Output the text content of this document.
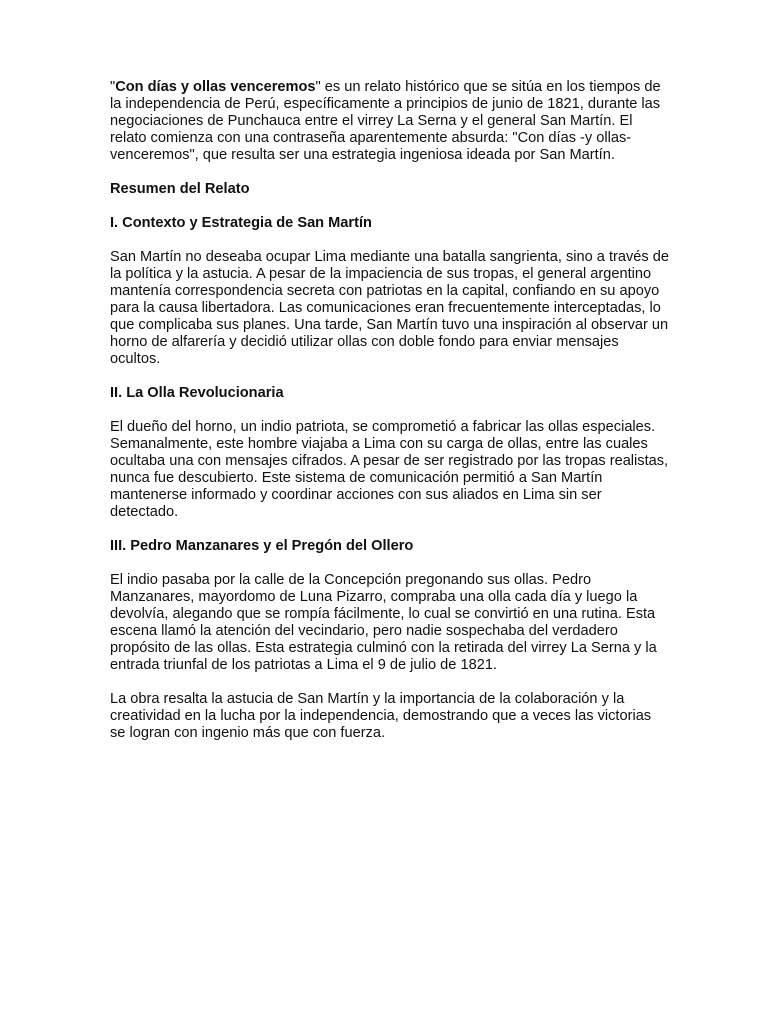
"Con días y ollas venceremos" es un relato histórico que se sitúa en los tiempos de la independencia de Perú, específicamente a principios de junio de 1821, durante las negociaciones de Punchauca entre el virrey La Serna y el general San Martín. El relato comienza con una contraseña aparentemente absurda: "Con días -y ollas- venceremos", que resulta ser una estrategia ingeniosa ideada por San Martín.

Resumen del Relato

I. Contexto y Estrategia de San Martín

San Martín no deseaba ocupar Lima mediante una batalla sangrienta, sino a través de la política y la astucia. A pesar de la impaciencia de sus tropas, el general argentino mantenía correspondencia secreta con patriotas en la capital, confiando en su apoyo para la causa libertadora. Las comunicaciones eran frecuentemente interceptadas, lo que complicaba sus planes. Una tarde, San Martín tuvo una inspiración al observar un horno de alfarería y decidió utilizar ollas con doble fondo para enviar mensajes ocultos.

II. La Olla Revolucionaria

El dueño del horno, un indio patriota, se comprometió a fabricar las ollas especiales. Semanalmente, este hombre viajaba a Lima con su carga de ollas, entre las cuales ocultaba una con mensajes cifrados. A pesar de ser registrado por las tropas realistas, nunca fue descubierto. Este sistema de comunicación permitió a San Martín mantenerse informado y coordinar acciones con sus aliados en Lima sin ser detectado.

III. Pedro Manzanares y el Pregón del Ollero

El indio pasaba por la calle de la Concepción pregonando sus ollas. Pedro Manzanares, mayordomo de Luna Pizarro, compraba una olla cada día y luego la devolvía, alegando que se rompía fácilmente, lo cual se convirtió en una rutina. Esta escena llamó la atención del vecindario, pero nadie sospechaba del verdadero propósito de las ollas. Esta estrategia culminó con la retirada del virrey La Serna y la entrada triunfal de los patriotas a Lima el 9 de julio de 1821.

La obra resalta la astucia de San Martín y la importancia de la colaboración y la creatividad en la lucha por la independencia, demostrando que a veces las victorias se logran con ingenio más que con fuerza.
